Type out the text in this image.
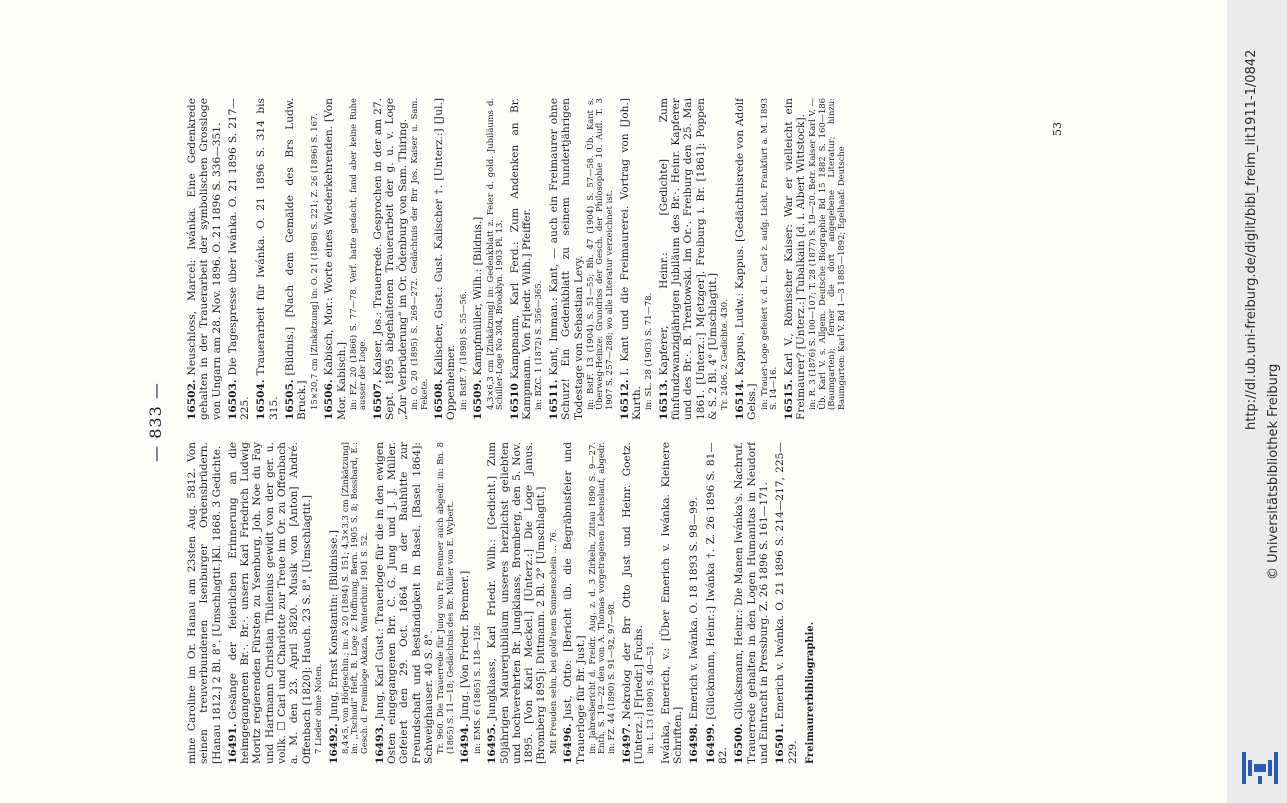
— 833 —
mine Caroline im Or. Hanau am 23sten Aug. 5812. Von seinen treuverbundenen Isenburger Ordensbrüdern. [Hanau 1812.] 2 Bl. 8°. [Umschlagtit.]Kl. 1868. 3 Gedichte.
16491.Gesänge der feierlichen Erinnerung an die heimgegangenen Br.·. Br.·. unsern Karl Friedrich Ludwig Moritz regierenden Fürsten zu Ysenburg, Joh. Noe du Fay und Hartmann Christian Thilenius gewidt von der ger. u. vollk. ☐ Carl und Charlotte zur Treue im Or. zu Offenbach a. M. den 23. April 5820. Musik von [Anton] André. Offenbach [1820]: Hauch. 23 S. 8°. [Umschlagtit.] 7 Lieder ohne Noten. 16492.Jung, Ernst Konstantin: [Bildnisse.] 8,4×5, von Hörjeschin.; in: A 20 (1894) S. 151; 4,3×3,3 cm [Zinkätzung] in: ,,Tschudi" Heft, B. Loge z. Hoffnung, Bern. 1905 S. 8; Bosshard, E.: Gesch. d. Freimloge Akazia, Winterthur. 1901 S. 52. 16493.Jung, Karl Gust.: Trauerloge für die in den ewigen Osten eingegangenen Brr. C. G. Jung und J. J. Müller. Gefeiert den 29. Oct. 1864 in der Bauhütte zur Freundschaft und Beständigkeit in Basel. [Basel 1864]: Schweighauser. 40 S. 8°. Tr. 960. Die Trauerrede für Jung von Fr. Brenner auch abgedr. in: Bn. 8 (1865) S. 11—18; Gedächtnis des Br. Müller von E. Wybert. 16494.Jung. [Von Friedr. Brenner.] in: EMS. 6 (1865) S. 118—126. 16495.Jungklaass, Karl Friedr. Wilh.: [Gedicht.] Zum 50jährigen Maurerjubiläum unseres herzlichst geliebten und hochverehrten Br. Jungklaass, Bromberg, den 5. Nov. 1895. [Von Karl Meckel.] [Unterz.:] Die Loge Janus. [Bromberg 1895]: Dittmann. 2 Bl. 2° [Umschlagtit.] Mit Freuden sehn, bei gold'nem Sonnenschein ... 76. 16496.Just, Otto: [Bericht üb. die Begräbnisfeier und Trauerloge für Br. Just.] in: Jahresbericht d. Freidr. Aug. z. d. 3 Zirkeln, Zittau 1890 S. 9—27. Enth. S. 19—22 den von A. Thomas vorgetragenen Lebenslauf, abgedr. in: FZ. 44 (1890) S. 91—92, 97—98. 16497.Nekrolog der Brr Otto Just und Heinr. Goetz. [Unterz.:] F[riedr.] Fuchs. in: L. 13 (1890) S. 40—51. Iwánka, Emerich, v.: [Über Emerich v. Iwánka. Kleinere Schriften.] 16498.Emerich v. Iwánka. O. 18 1893 S. 98—99.
16499.[Glückmann, Heinr.:] Iwánka †. Z. 26 1896 S. 81—82. 16500.Glücksmann, Heinr.: Die Manen Iwánka's. Nachruf. Trauerrede gehalten in den Logen Humanitas in Neudorf und Eintracht in Pressburg. Z. 26 1896 S. 161—171. 16501.Emerich v. Iwánka. O. 21 1896 S. 214—217, 225—229. Freimaurerbibliographie.
16502.Neuschloss, Marcel: Iwánka. Eine Gedenkrede gehalten in der Trauerarbeit der symbolischen Grossloge von Ungarn am 28. Nov. 1896. O. 21 1896 S. 336—351. 16503.Die Tagespresse über Iwánka. O. 21 1896 S. 217—225. 16504.Trauerarbeit für Iwánka. O. 21 1896 S. 314 bis 315. 16505.[Bildnis.] [Nach dem Gemälde des Brs Ludw. Bruck.] 15×20,7 cm [Zinkätzung] in: O. 21 (1896) S. 221; Z. 26 (1896) S. 167. 16506.Kabisch, Mor.: Worte eines Wiederkehrenden. [Von Mor. Kabisch.] in: FZ. 20 (1866) S. 77—78. Verf. hatte gedacht, fand aber keine Ruhe ausser der Loge. 16507.Kaiser, Jos.: Trauerrede. Gesprochen in der am 27. Sept. 1895 abgehaltenen Trauerarbeit der g. u. v. Loge „Zur Verbrüderung“ im Or. Ödenburg von Sam. Thiring. in: O. 20 (1895) S. 269—272. Gedächtnis der Brr Jos. Kaiser u. Sam. Fekete. 16508.Kalischer, Gust.: Gust. Kalischer †. [Unterz.:] [Jul.] Oppenheimer. in: BstF. 7 (1898) S. 55—56. 16509.Kampfmüller, Wilh.: [Bildnis.] 4,3×6,3 cm [Zinkätzung] in: Gedenkblatt z. Feier d. gold. Jubiläums d. Schiller-Loge No 304, Brooklyn. 1903 Pl. 13. 16510Kampmann, Karl Ferd.: Zum Andenken an Br. Kampmann. Von Fr[iedr. Wilh.] Pfeiffer. in: BZC. 1 (1872) S. 356—365. 16511.Kant, Imman.: Kant, — auch ein Freimaurer ohne Schurz! Ein Gedenkblatt zu seinem hundertjährigen Todestage von Sebastian Levy. in: BstF. 13 (1904) S. 51—55; Bh. 47 (1904) S. 57—58. Üb. Kant s. Überweg-Heinze: Grundriss der Gesch. der Philosophie 10. Aufl. T. 3 1907 S. 257—288; wo alle Literatur verzeichnet ist. 16512.I. Kant und die Freimaurerei. Vortrag von [Joh.] Kurth. in: SL. 28 (1903) S. 71—78. 16513.Kapferer, Heinr.: [Gedichte] Zum fünfundzwanzigjährigen Jubiläum des Br.·. Heinr. Kapferer und des Br.·. B. Trentowski. Im Or.·. Freiburg den 25. Mai 1861. [Unterz.:] M[etzger]. Freiburg i. Br. [1861]: Poppen & S. 2 Bl. 4° [Umschlagtit.] Tr. 2406. 2 Gedichte. 430. 16514.Kappus, Ludw.: Kappus. [Gedächtnisrede von Adolf Gelss.] in: Trauer-Loge gefeiert v. d. L. Carl z. aufg. Licht, Frankfurt a. M. 1893 S. 14—16. 16515.Karl V., Römischer Kaiser: War er vielleicht ein Freimaurer? [Unterz.:] Tubalkain [d. i. Albert Wittstock]. in: R. 3 (1876) S. 100—107; T. 28 (1877) S. 19—20. Betr. Kaiser Karl V. — Üb. Karl V. s. Allgem. Deutsche Biographie Bd 15 1882 S. 160—186 (Baumgarten); ferner die dort angegebene Literatur; hinzu: Baumgarten: Karl V. Bd 1—3 1885—1892; Egelhaaf: Deutsche
53	http://dl.ub.uni-freiburg.de/diglit/bibl_freim_lit1911-1/0842
© Universitätsbibliothek Freiburg
